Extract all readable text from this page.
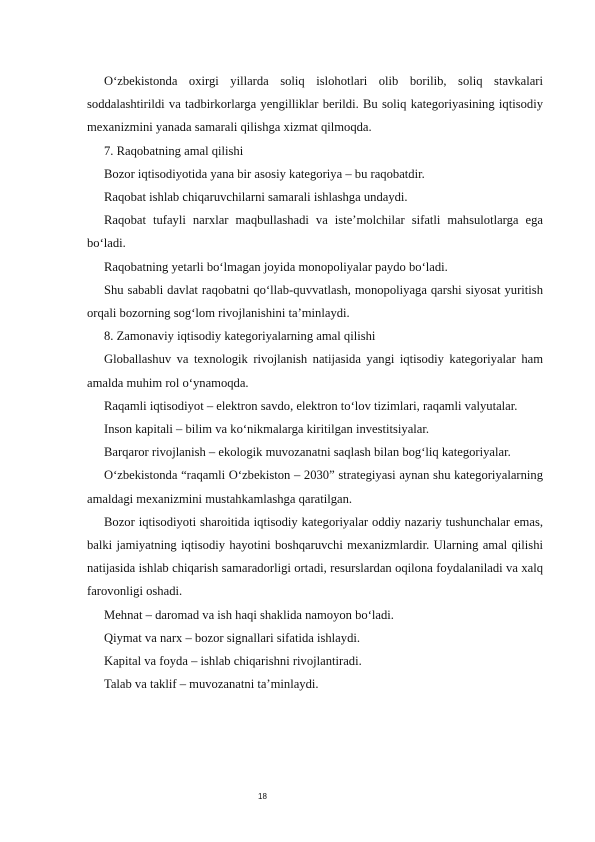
O‘zbekistonda oxirgi yillarda soliq islohotlari olib borilib, soliq stavkalari soddalashtirildi va tadbirkorlarga yengilliklar berildi. Bu soliq kategoriyasining iqtisodiy mexanizmini yanada samarali qilishga xizmat qilmoqda.

7. Raqobatning amal qilishi

Bozor iqtisodiyotida yana bir asosiy kategoriya – bu raqobatdir.

Raqobat ishlab chiqaruvchilarni samarali ishlashga undaydi.

Raqobat tufayli narxlar maqbullashadi va iste’molchilar sifatli mahsulotlarga ega bo‘ladi.

Raqobatning yetarli bo‘lmagan joyida monopoliyalar paydo bo‘ladi.

Shu sababli davlat raqobatni qo‘llab-quvvatlash, monopoliyaga qarshi siyosat yuritish orqali bozorning sog‘lom rivojlanishini ta’minlaydi.

8. Zamonaviy iqtisodiy kategoriyalarning amal qilishi

Globallashuv va texnologik rivojlanish natijasida yangi iqtisodiy kategoriyalar ham amalda muhim rol o‘ynamoqda.

Raqamli iqtisodiyot – elektron savdo, elektron to‘lov tizimlari, raqamli valyutalar.

Inson kapitali – bilim va ko‘nikmalarga kiritilgan investitsiyalar.

Barqaror rivojlanish – ekologik muvozanatni saqlash bilan bog‘liq kategoriyalar.

O‘zbekistonda “raqamli O‘zbekiston – 2030” strategiyasi aynan shu kategoriyalarning amaldagi mexanizmini mustahkamlashga qaratilgan.

Bozor iqtisodiyoti sharoitida iqtisodiy kategoriyalar oddiy nazariy tushunchalar emas, balki jamiyatning iqtisodiy hayotini boshqaruvchi mexanizmlardir. Ularning amal qilishi natijasida ishlab chiqarish samaradorligi ortadi, resurslardan oqilona foydalaniladi va xalq farovonligi oshadi.

Mehnat – daromad va ish haqi shaklida namoyon bo‘ladi.

Qiymat va narx – bozor signallari sifatida ishlaydi.

Kapital va foyda – ishlab chiqarishni rivojlantiradi.

Talab va taklif – muvozanatni ta’minlaydi.

18
